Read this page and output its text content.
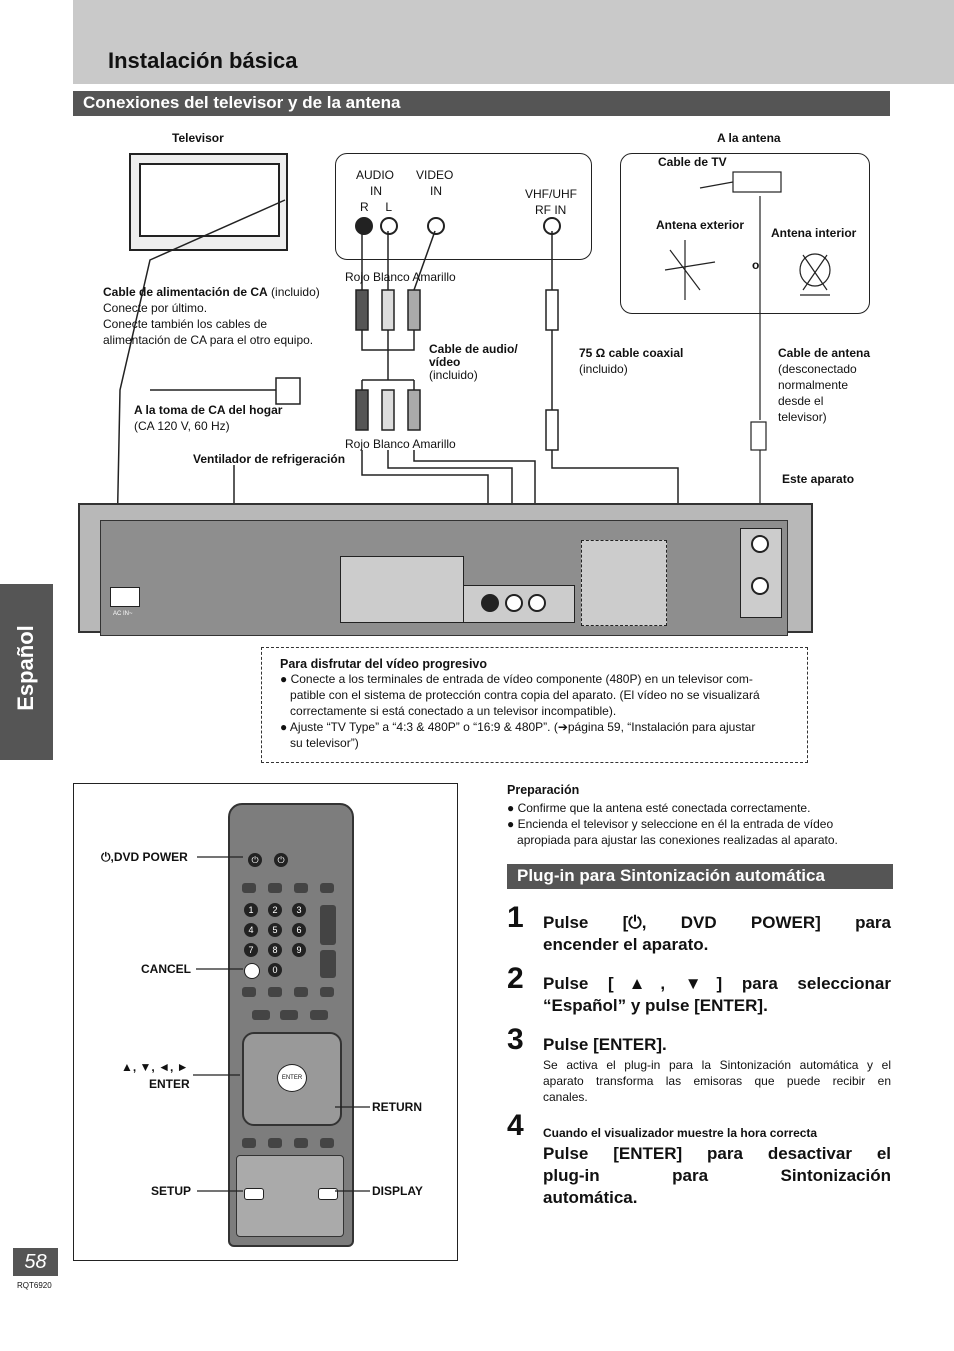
Instalación básica
Conexiones del televisor y de la antena
Español
Televisor	A la antena
AUDIO
IN
R     L
VIDEO
IN	VHF/UHF
RF IN
Cable de TV
Antena exterior
Antena interior
o
Rojo Blanco Amarillo
Rojo Blanco Amarillo
Cable de alimentación de CA (incluido)
Conecte por último.
Conecte también los cables de
alimentación de CA para el otro equipo.
Cable de audio/
vídeo
(incluido)
75 Ω cable coaxial
(incluido)
Cable de antena
(desconectado
normalmente
desde el
televisor)
A la toma de CA del hogar
(CA 120 V, 60 Hz)
Ventilador de refrigeración
Este aparato
AC IN~
Para disfrutar del vídeo progresivo
● Conecte a los terminales de entrada de vídeo componente (480P) en un televisor com-
patible con el sistema de protección contra copia del aparato. (El vídeo no se visualizará
correctamente si está conectado a un televisor incompatible).
● Ajuste “TV Type” a “4:3 & 480P” o “16:9 & 480P”. (➔página 59, “Instalación para ajustar
su televisor”)
⏻	⏻
1	2	3
4	5	6
7	8	9
0
ENTER
⏻,DVD POWER
CANCEL
▲, ▼, ◄, ►
ENTER
RETURN
SETUP	DISPLAY
Preparación
● Confirme que la antena esté conectada correctamente.
● Encienda el televisor y seleccione en él la entrada de vídeo
apropiada para ajustar las conexiones realizadas al aparato.
Plug-in para Sintonización automática
1 Pulse [⏻, DVD POWER] para
encender el aparato.
2 Pulse [▲, ▼] para seleccionar
“Español” y pulse [ENTER].
3 Pulse [ENTER].
Se activa el plug-in para la Sintonización automática y el
aparato transforma las emisoras que puede recibir en
canales.
4 Cuando el visualizador muestre la hora correcta
Pulse [ENTER] para desactivar el
plug-in para Sintonización
automática.
58
RQT6920
